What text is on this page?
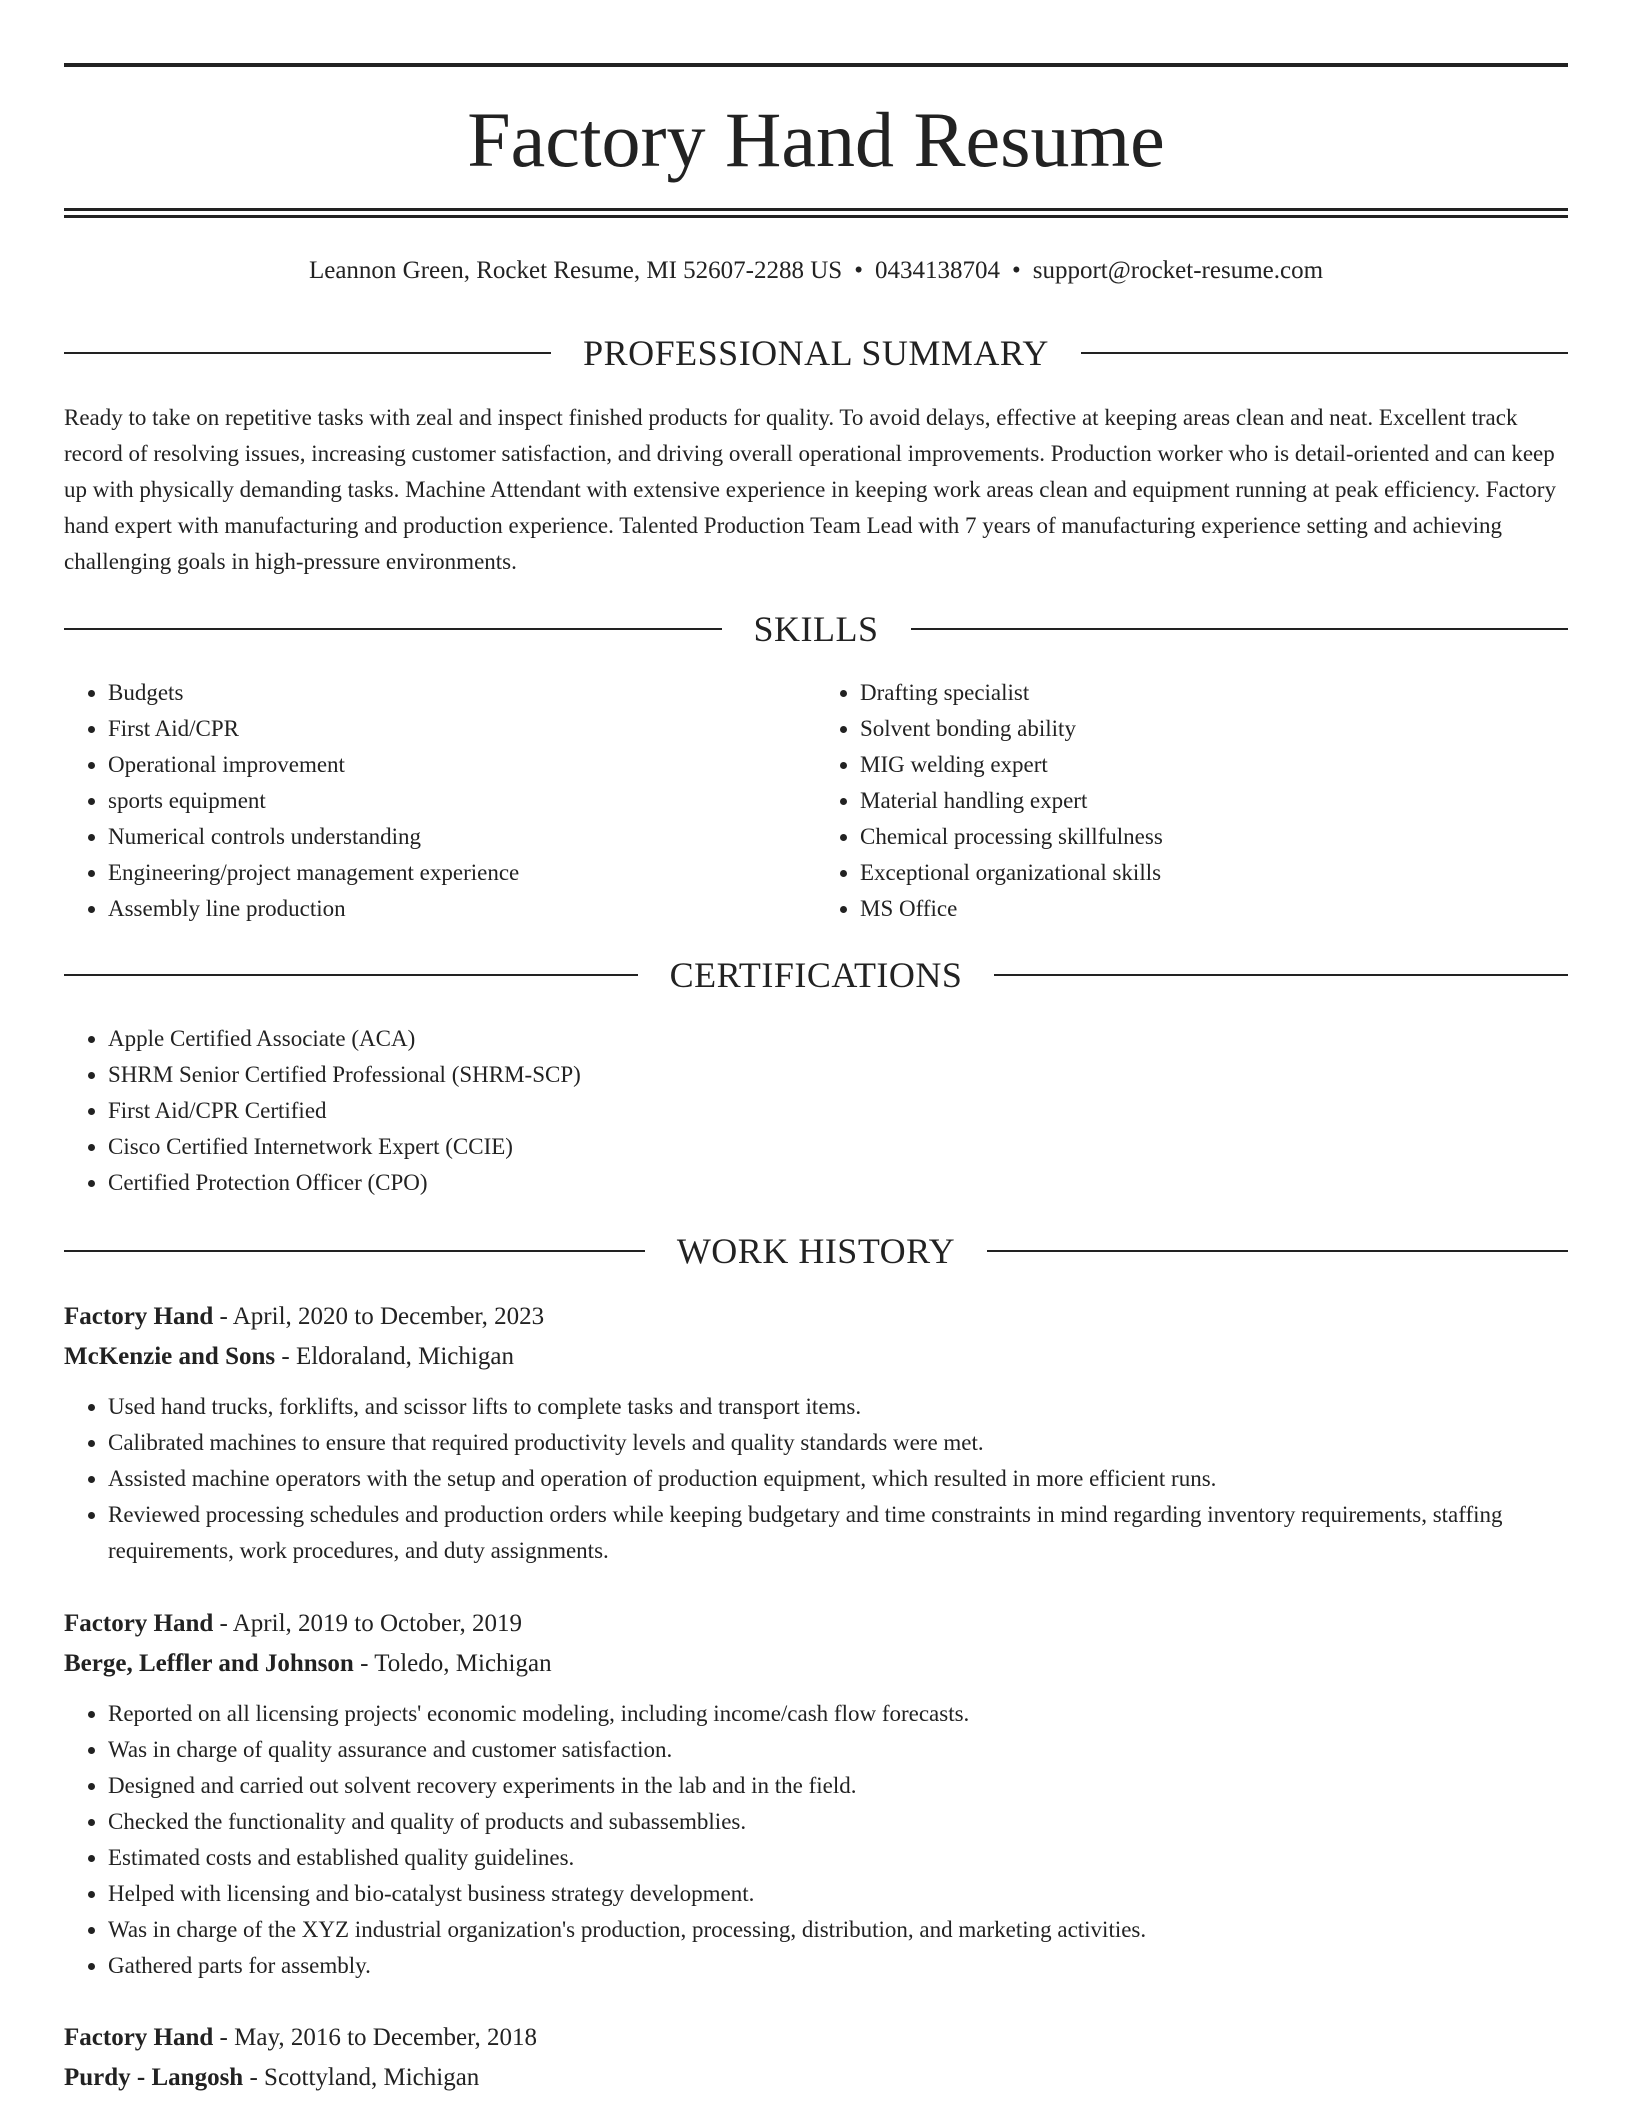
Factory Hand Resume
Leannon Green, Rocket Resume, MI 52607-2288 US • 0434138704 • support@rocket-resume.com
PROFESSIONAL SUMMARY

Ready to take on repetitive tasks with zeal and inspect finished products for quality. To avoid delays, effective at keeping areas clean and neat. Excellent track record of resolving issues, increasing customer satisfaction, and driving overall operational improvements. Production worker who is detail-oriented and can keep up with physically demanding tasks. Machine Attendant with extensive experience in keeping work areas clean and equipment running at peak efficiency. Factory hand expert with manufacturing and production experience. Talented Production Team Lead with 7 years of manufacturing experience setting and achieving challenging goals in high-pressure environments.

SKILLS
• Budgets
• First Aid/CPR
• Operational improvement
• sports equipment
• Numerical controls understanding
• Engineering/project management experience
• Assembly line production
• Drafting specialist
• Solvent bonding ability
• MIG welding expert
• Material handling expert
• Chemical processing skillfulness
• Exceptional organizational skills
• MS Office
CERTIFICATIONS
• Apple Certified Associate (ACA)
• SHRM Senior Certified Professional (SHRM-SCP)
• First Aid/CPR Certified
• Cisco Certified Internetwork Expert (CCIE)
• Certified Protection Officer (CPO)
WORK HISTORY
Factory Hand - April, 2020 to December, 2023
McKenzie and Sons - Eldoraland, Michigan
• Used hand trucks, forklifts, and scissor lifts to complete tasks and transport items.
• Calibrated machines to ensure that required productivity levels and quality standards were met.
• Assisted machine operators with the setup and operation of production equipment, which resulted in more efficient runs.
• Reviewed processing schedules and production orders while keeping budgetary and time constraints in mind regarding inventory requirements, staffing requirements, work procedures, and duty assignments.
Factory Hand - April, 2019 to October, 2019
Berge, Leffler and Johnson - Toledo, Michigan
• Reported on all licensing projects' economic modeling, including income/cash flow forecasts.
• Was in charge of quality assurance and customer satisfaction.
• Designed and carried out solvent recovery experiments in the lab and in the field.
• Checked the functionality and quality of products and subassemblies.
• Estimated costs and established quality guidelines.
• Helped with licensing and bio-catalyst business strategy development.
• Was in charge of the XYZ industrial organization's production, processing, distribution, and marketing activities.
• Gathered parts for assembly.
Factory Hand - May, 2016 to December, 2018
Purdy - Langosh - Scottyland, Michigan
